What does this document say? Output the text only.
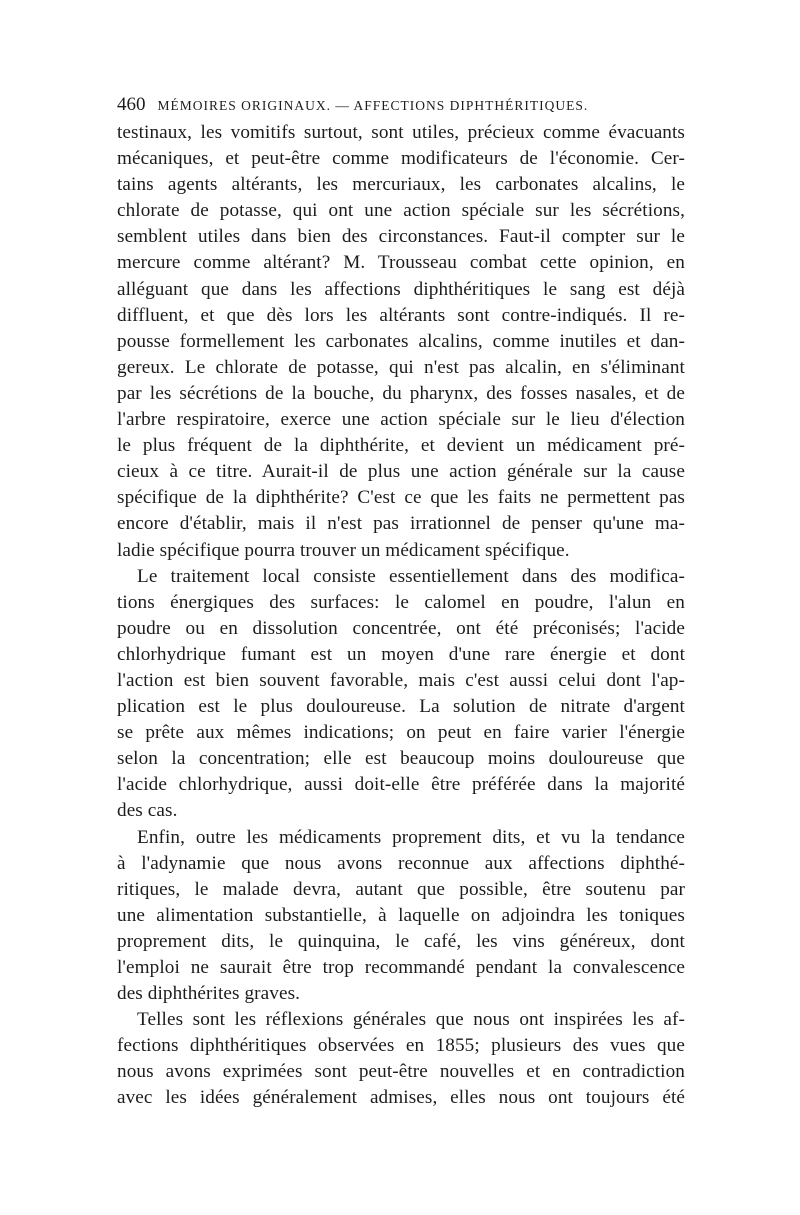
460 MÉMOIRES ORIGINAUX. — AFFECTIONS DIPHTHÉRITIQUES.
testinaux, les vomitifs surtout, sont utiles, précieux comme évacuants
mécaniques, et peut-être comme modificateurs de l'économie. Cer-
tains agents altérants, les mercuriaux, les carbonates alcalins, le
chlorate de potasse, qui ont une action spéciale sur les sécrétions,
semblent utiles dans bien des circonstances. Faut-il compter sur le
mercure comme altérant? M. Trousseau combat cette opinion, en
alléguant que dans les affections diphthéritiques le sang est déjà
diffluent, et que dès lors les altérants sont contre-indiqués. Il re-
pousse formellement les carbonates alcalins, comme inutiles et dan-
gereux. Le chlorate de potasse, qui n'est pas alcalin, en s'éliminant
par les sécrétions de la bouche, du pharynx, des fosses nasales, et de
l'arbre respiratoire, exerce une action spéciale sur le lieu d'élection
le plus fréquent de la diphthérite, et devient un médicament pré-
cieux à ce titre. Aurait-il de plus une action générale sur la cause
spécifique de la diphthérite? C'est ce que les faits ne permettent pas
encore d'établir, mais il n'est pas irrationnel de penser qu'une ma-
ladie spécifique pourra trouver un médicament spécifique.
Le traitement local consiste essentiellement dans des modifica-
tions énergiques des surfaces: le calomel en poudre, l'alun en
poudre ou en dissolution concentrée, ont été préconisés; l'acide
chlorhydrique fumant est un moyen d'une rare énergie et dont
l'action est bien souvent favorable, mais c'est aussi celui dont l'ap-
plication est le plus douloureuse. La solution de nitrate d'argent
se prête aux mêmes indications; on peut en faire varier l'énergie
selon la concentration; elle est beaucoup moins douloureuse que
l'acide chlorhydrique, aussi doit-elle être préférée dans la majorité
des cas.
Enfin, outre les médicaments proprement dits, et vu la tendance
à l'adynamie que nous avons reconnue aux affections diphthé-
ritiques, le malade devra, autant que possible, être soutenu par
une alimentation substantielle, à laquelle on adjoindra les toniques
proprement dits, le quinquina, le café, les vins généreux, dont
l'emploi ne saurait être trop recommandé pendant la convalescence
des diphthérites graves.
Telles sont les réflexions générales que nous ont inspirées les af-
fections diphthéritiques observées en 1855; plusieurs des vues que
nous avons exprimées sont peut-être nouvelles et en contradiction
avec les idées généralement admises, elles nous ont toujours été
